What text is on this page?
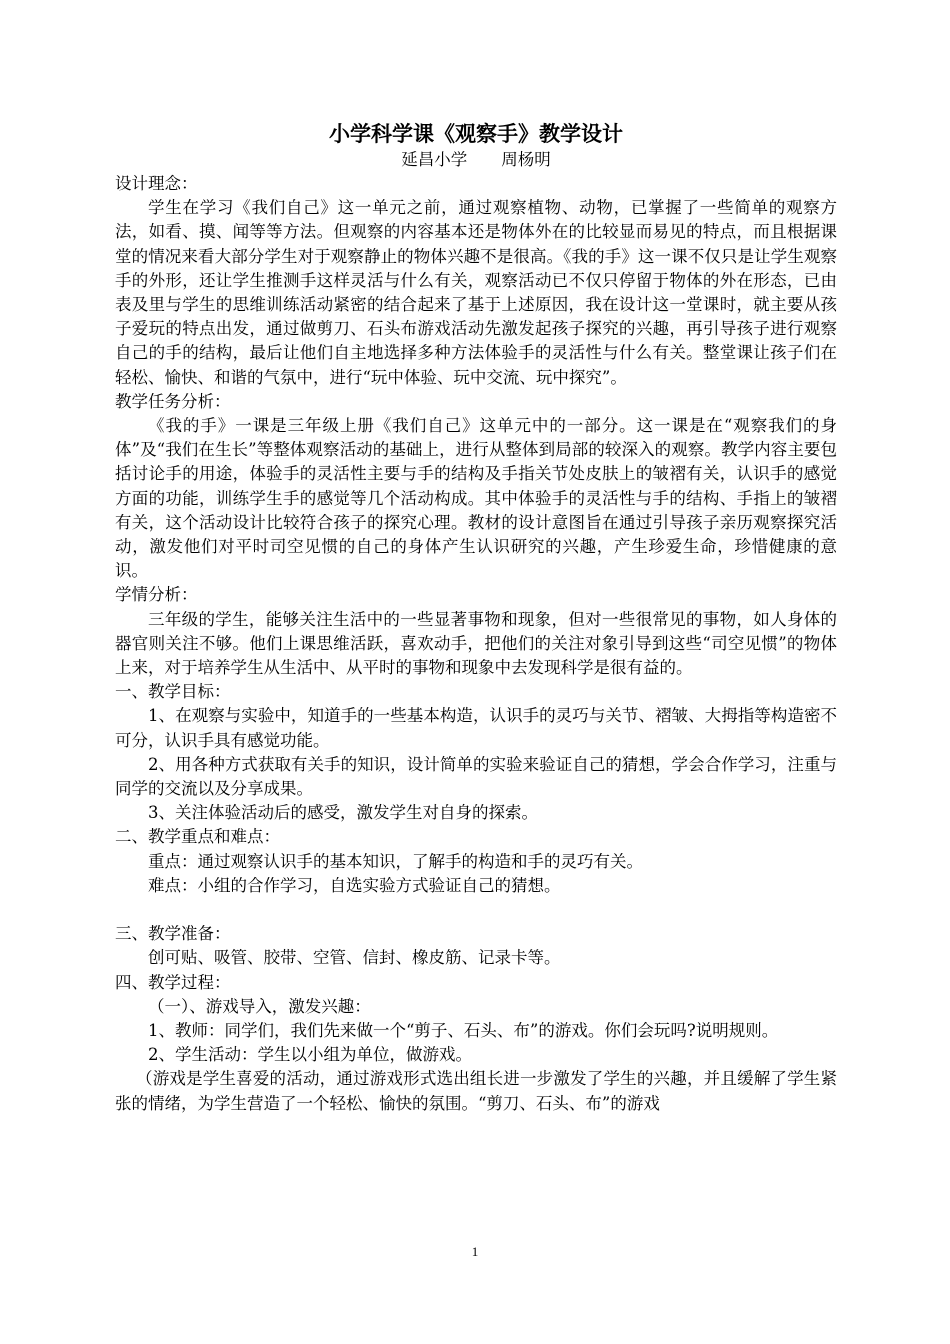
小学科学课《观察手》教学设计
延昌小学 周杨明

设计理念：

学生在学习《我们自己》这一单元之前，通过观察植物、动物，已掌握了一些简单的观察方法，如看、摸、闻等等方法。但观察的内容基本还是物体外在的比较显而易见的特点，而且根据课堂的情况来看大部分学生对于观察静止的物体兴趣不是很高。《我的手》这一课不仅只是让学生观察手的外形，还让学生推测手这样灵活与什么有关，观察活动已不仅只停留于物体的外在形态，已由表及里与学生的思维训练活动紧密的结合起来了基于上述原因，我在设计这一堂课时，就主要从孩子爱玩的特点出发，通过做剪刀、石头布游戏活动先激发起孩子探究的兴趣，再引导孩子进行观察自己的手的结构，最后让他们自主地选择多种方法体验手的灵活性与什么有关。整堂课让孩子们在轻松、愉快、和谐的气氛中，进行“玩中体验、玩中交流、玩中探究”。

教学任务分析：

《我的手》一课是三年级上册《我们自己》这单元中的一部分。这一课是在“观察我们的身体”及“我们在生长”等整体观察活动的基础上，进行从整体到局部的较深入的观察。教学内容主要包括讨论手的用途，体验手的灵活性主要与手的结构及手指关节处皮肤上的皱褶有关，认识手的感觉方面的功能，训练学生手的感觉等几个活动构成。其中体验手的灵活性与手的结构、手指上的皱褶有关，这个活动设计比较符合孩子的探究心理。教材的设计意图旨在通过引导孩子亲历观察探究活动，激发他们对平时司空见惯的自己的身体产生认识研究的兴趣，产生珍爱生命，珍惜健康的意识。

学情分析：

三年级的学生，能够关注生活中的一些显著事物和现象，但对一些很常见的事物，如人身体的器官则关注不够。他们上课思维活跃，喜欢动手，把他们的关注对象引导到这些“司空见惯”的物体上来，对于培养学生从生活中、从平时的事物和现象中去发现科学是很有益的。

一、教学目标：

1、在观察与实验中，知道手的一些基本构造，认识手的灵巧与关节、褶皱、大拇指等构造密不可分，认识手具有感觉功能。

2、用各种方式获取有关手的知识，设计简单的实验来验证自己的猜想，学会合作学习，注重与同学的交流以及分享成果。

3、关注体验活动后的感受，激发学生对自身的探索。

二、教学重点和难点：

重点：通过观察认识手的基本知识，了解手的构造和手的灵巧有关。

难点：小组的合作学习，自选实验方式验证自己的猜想。

三、教学准备：

创可贴、吸管、胶带、空管、信封、橡皮筋、记录卡等。

四、教学过程：

（一）、游戏导入，激发兴趣：

1、教师：同学们，我们先来做一个“剪子、石头、布”的游戏。你们会玩吗?说明规则。

2、学生活动：学生以小组为单位，做游戏。

（游戏是学生喜爱的活动，通过游戏形式选出组长进一步激发了学生的兴趣，并且缓解了学生紧张的情绪，为学生营造了一个轻松、愉快的氛围。“剪刀、石头、布”的游戏

1
